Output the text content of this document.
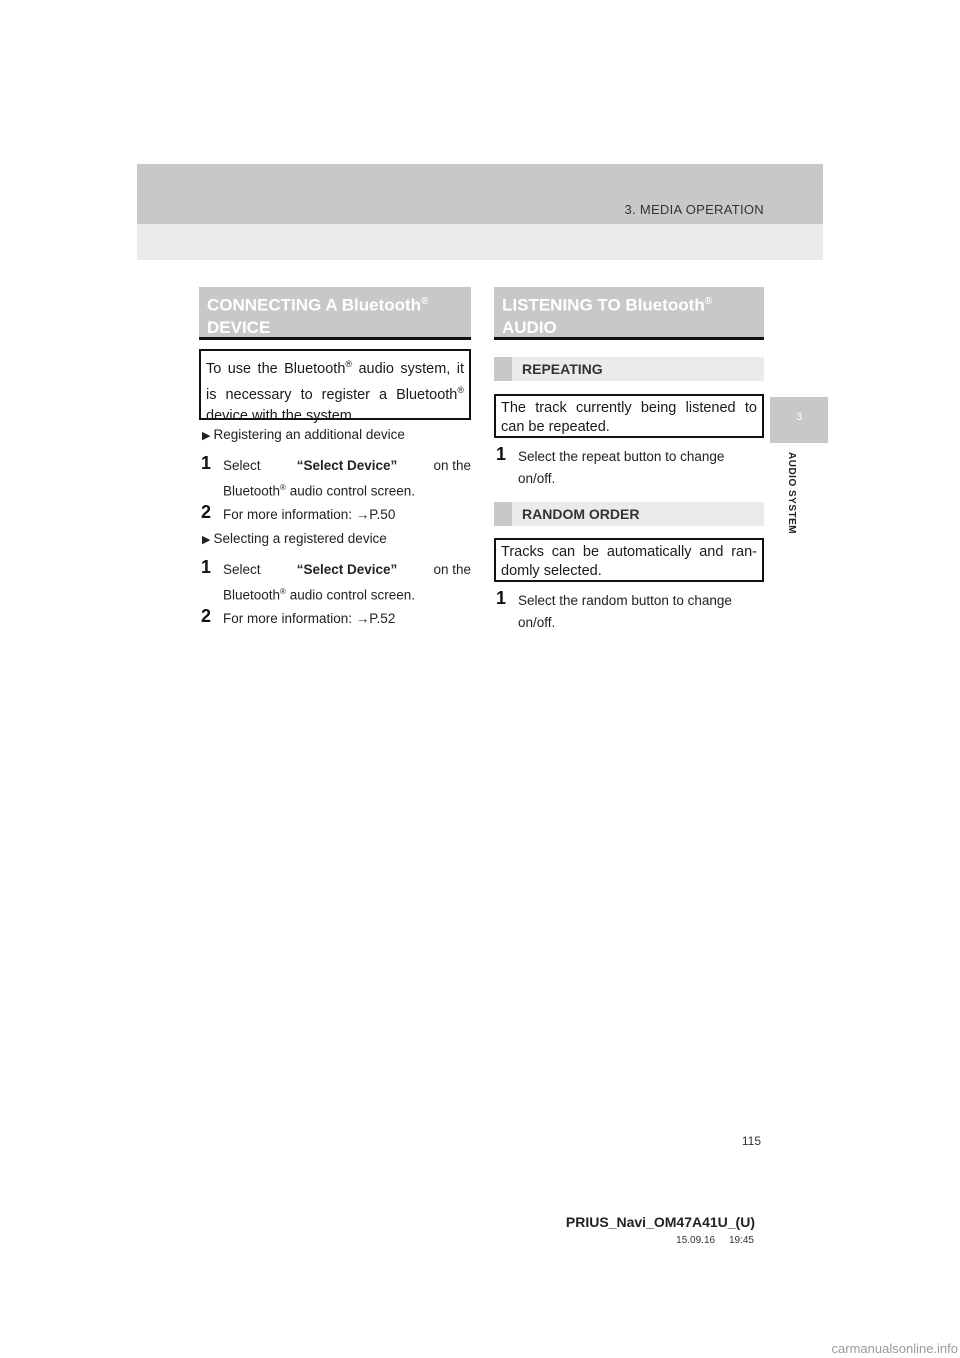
3. MEDIA OPERATION
3
AUDIO SYSTEM
CONNECTING A Bluetooth®
DEVICE
To use the Bluetooth® audio system, it is necessary to register a Bluetooth® device with the system.
▶ Registering an additional device
1 Select	“Select Device”	on the
Bluetooth® audio control screen.
2 For more information: →P.50
▶ Selecting a registered device
1 Select	“Select Device”	on the
Bluetooth® audio control screen.
2 For more information: →P.52
LISTENING TO Bluetooth®
AUDIO
REPEATING
The track currently being listened to can be repeated.
1 Select the repeat button to change on/off.
RANDOM ORDER
Tracks can be automatically and ran-domly selected.
1 Select the random button to change on/off.
115
PRIUS_Navi_OM47A41U_(U)
15.09.16     19:45
carmanualsonline.info
